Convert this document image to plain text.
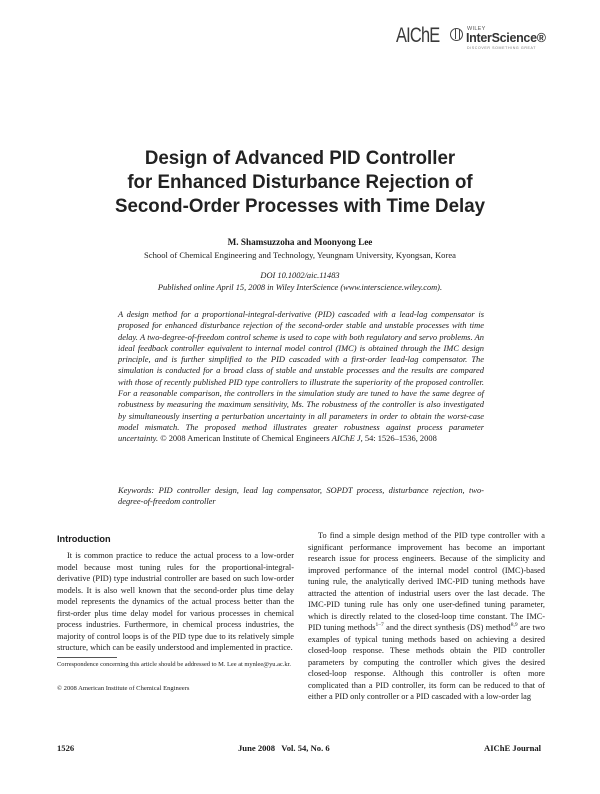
AIChE	WILEY
InterScience®
DISCOVER SOMETHING GREAT
Design of Advanced PID Controller
for Enhanced Disturbance Rejection of
Second-Order Processes with Time Delay
M. Shamsuzzoha and Moonyong Lee
School of Chemical Engineering and Technology, Yeungnam University, Kyongsan, Korea
DOI 10.1002/aic.11483
Published online April 15, 2008 in Wiley InterScience (www.interscience.wiley.com).
A design method for a proportional-integral-derivative (PID) cascaded with a lead-lag compensator is proposed for enhanced disturbance rejection of the second-order stable and unstable processes with time delay. A two-degree-of-freedom control scheme is used to cope with both regulatory and servo problems. An ideal feedback controller equivalent to internal model control (IMC) is obtained through the IMC design principle, and is further simplified to the PID cascaded with a first-order lead-lag compensator. The simulation is conducted for a broad class of stable and unstable processes and the results are compared with those of recently published PID type controllers to illustrate the superiority of the proposed controller. For a reasonable comparison, the controllers in the simulation study are tuned to have the same degree of robustness by measuring the maximum sensitivity, Ms. The robustness of the controller is also investigated by simultaneously inserting a perturbation uncertainty in all parameters in order to obtain the worst-case model mismatch. The proposed method illustrates greater robustness against process parameter uncertainty. © 2008 American Institute of Chemical Engineers AIChE J, 54: 1526–1536, 2008
Keywords: PID controller design, lead lag compensator, SOPDT process, disturbance rejection, two-degree-of-freedom controller
Introduction

It is common practice to reduce the actual process to a low-order model because most tuning rules for the proportional-integral-derivative (PID) type industrial controller are based on such low-order models. It is also well known that the second-order plus time delay model represents the dynamics of the actual process better than the first-order plus time delay model for various processes in chemical process industries. Furthermore, in chemical process industries, the majority of control loops is of the PID type due to its relatively simple structure, which can be easily understood and implemented in practice.

Correspondence concerning this article should be addressed to M. Lee at mynlee@yu.ac.kr.
© 2008 American Institute of Chemical Engineers

To find a simple design method of the PID type controller with a significant performance improvement has become an important research issue for process engineers. Because of the simplicity and improved performance of the internal model control (IMC)-based tuning rule, the analytically derived IMC-PID tuning methods have attracted the attention of industrial users over the last decade. The IMC-PID tuning rule has only one user-defined tuning parameter, which is directly related to the closed-loop time constant. The IMC-PID tuning methods$^{1-7}$ and the direct synthesis (DS) method$^{8,9}$ are two examples of typical tuning methods based on achieving a desired closed-loop response. These methods obtain the PID controller parameters by computing the controller which gives the desired closed-loop response. Although this controller is often more complicated than a PID controller, its form can be reduced to that of either a PID only controller or a PID cascaded with a low-order lag

1526	June 2008   Vol. 54, No. 6	AIChE Journal
